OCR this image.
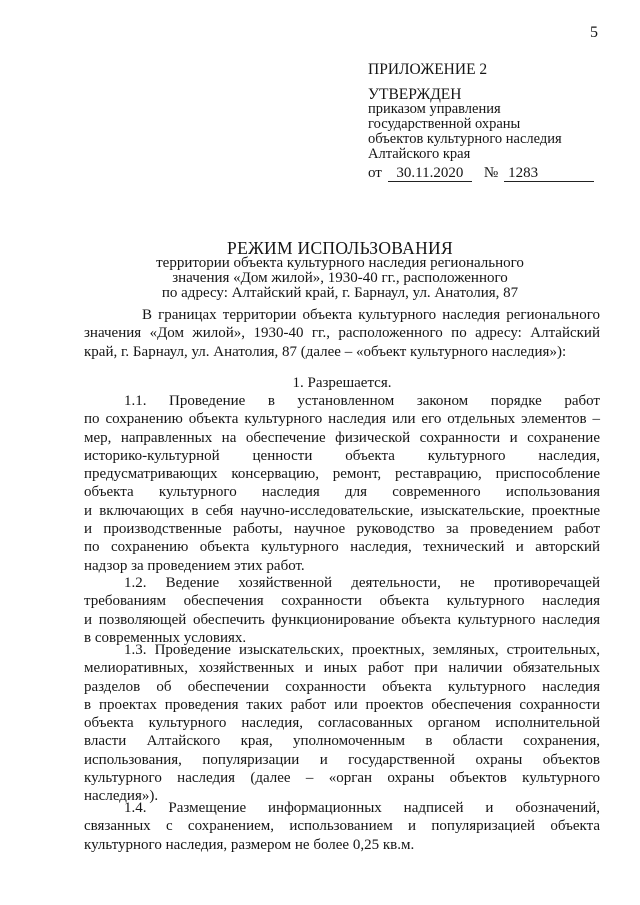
5
ПРИЛОЖЕНИЕ 2
УТВЕРЖДЕН
приказом управления
государственной охраны
объектов культурного наследия
Алтайского края
от 30.11.2020 № 1283
РЕЖИМ ИСПОЛЬЗОВАНИЯ
территории объекта культурного наследия регионального
значения «Дом жилой», 1930-40 гг., расположенного
по адресу: Алтайский край, г. Барнаул, ул. Анатолия, 87
В границах территории объекта культурного наследия регионального
значения «Дом жилой», 1930-40 гг., расположенного по адресу: Алтайский
край, г. Барнаул, ул. Анатолия, 87 (далее – «объект культурного наследия»):
1. Разрешается.
1.1. Проведение в установленном законом порядке работ
по сохранению объекта культурного наследия или его отдельных элементов –
мер, направленных на обеспечение физической сохранности и сохранение
историко-культурной ценности объекта культурного наследия,
предусматривающих консервацию, ремонт, реставрацию, приспособление
объекта культурного наследия для современного использования
и включающих в себя научно-исследовательские, изыскательские, проектные
и производственные работы, научное руководство за проведением работ
по сохранению объекта культурного наследия, технический и авторский
надзор за проведением этих работ.
1.2. Ведение хозяйственной деятельности, не противоречащей
требованиям обеспечения сохранности объекта культурного наследия
и позволяющей обеспечить функционирование объекта культурного наследия
в современных условиях.
1.3. Проведение изыскательских, проектных, земляных, строительных,
мелиоративных, хозяйственных и иных работ при наличии обязательных
разделов об обеспечении сохранности объекта культурного наследия
в проектах проведения таких работ или проектов обеспечения сохранности
объекта культурного наследия, согласованных органом исполнительной
власти Алтайского края, уполномоченным в области сохранения,
использования, популяризации и государственной охраны объектов
культурного наследия (далее – «орган охраны объектов культурного
наследия»).
1.4. Размещение информационных надписей и обозначений,
связанных с сохранением, использованием и популяризацией объекта
культурного наследия, размером не более 0,25 кв.м.
